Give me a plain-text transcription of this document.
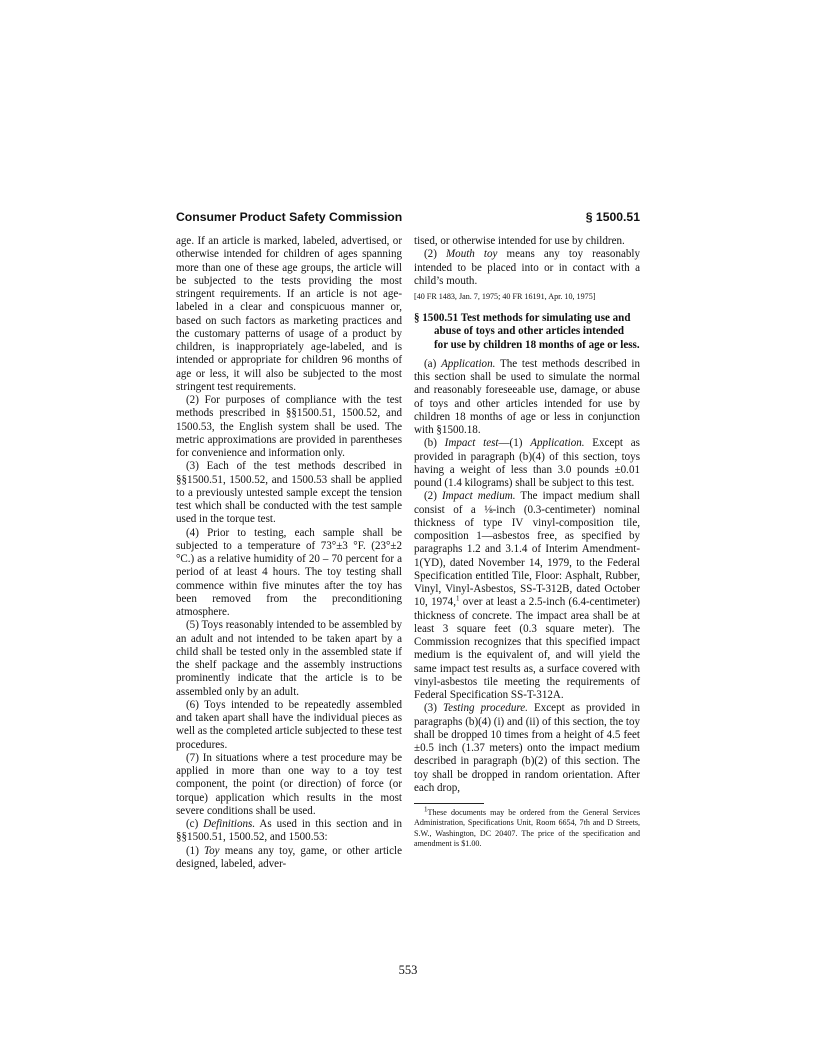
Consumer Product Safety Commission	§ 1500.51

age. If an article is marked, labeled, advertised, or otherwise intended for children of ages spanning more than one of these age groups, the article will be subjected to the tests providing the most stringent requirements. If an article is not age-labeled in a clear and conspicuous manner or, based on such factors as marketing practices and the customary patterns of usage of a product by children, is inappropriately age-labeled, and is intended or appropriate for children 96 months of age or less, it will also be subjected to the most stringent test requirements.

(2) For purposes of compliance with the test methods prescribed in §§1500.51, 1500.52, and 1500.53, the English system shall be used. The metric approximations are provided in parentheses for convenience and information only.

(3) Each of the test methods described in §§1500.51, 1500.52, and 1500.53 shall be applied to a previously untested sample except the tension test which shall be conducted with the test sample used in the torque test.

(4) Prior to testing, each sample shall be subjected to a temperature of 73°±3 °F. (23°±2 °C.) as a relative humidity of 20 – 70 percent for a period of at least 4 hours. The toy testing shall commence within five minutes after the toy has been removed from the preconditioning atmosphere.

(5) Toys reasonably intended to be assembled by an adult and not intended to be taken apart by a child shall be tested only in the assembled state if the shelf package and the assembly instructions prominently indicate that the article is to be assembled only by an adult.

(6) Toys intended to be repeatedly assembled and taken apart shall have the individual pieces as well as the completed article subjected to these test procedures.

(7) In situations where a test procedure may be applied in more than one way to a toy test component, the point (or direction) of force (or torque) application which results in the most severe conditions shall be used.

(c) Definitions. As used in this section and in §§1500.51, 1500.52, and 1500.53:

(1) Toy means any toy, game, or other article designed, labeled, adver-

tised, or otherwise intended for use by children.

(2) Mouth toy means any toy reasonably intended to be placed into or in contact with a child’s mouth.

[40 FR 1483, Jan. 7, 1975; 40 FR 16191, Apr. 10, 1975]

§ 1500.51 Test methods for simulating use and abuse of toys and other articles intended for use by children 18 months of age or less.

(a) Application. The test methods described in this section shall be used to simulate the normal and reasonably foreseeable use, damage, or abuse of toys and other articles intended for use by children 18 months of age or less in conjunction with §1500.18.

(b) Impact test—(1) Application. Except as provided in paragraph (b)(4) of this section, toys having a weight of less than 3.0 pounds ±0.01 pound (1.4 kilograms) shall be subject to this test.

(2) Impact medium. The impact medium shall consist of a ⅛-inch (0.3-centimeter) nominal thickness of type IV vinyl-composition tile, composition 1—asbestos free, as specified by paragraphs 1.2 and 3.1.4 of Interim Amendment-1(YD), dated November 14, 1979, to the Federal Specification entitled Tile, Floor: Asphalt, Rubber, Vinyl, Vinyl-Asbestos, SS-T-312B, dated October 10, 1974,$^1$ over at least a 2.5-inch (6.4-centimeter) thickness of concrete. The impact area shall be at least 3 square feet (0.3 square meter). The Commission recognizes that this specified impact medium is the equivalent of, and will yield the same impact test results as, a surface covered with vinyl-asbestos tile meeting the requirements of Federal Specification SS-T-312A.

(3) Testing procedure. Except as provided in paragraphs (b)(4) (i) and (ii) of this section, the toy shall be dropped 10 times from a height of 4.5 feet ±0.5 inch (1.37 meters) onto the impact medium described in paragraph (b)(2) of this section. The toy shall be dropped in random orientation. After each drop,

$^1$These documents may be ordered from the General Services Administration, Specifications Unit, Room 6654, 7th and D Streets, S.W., Washington, DC 20407. The price of the specification and amendment is $1.00.

553
